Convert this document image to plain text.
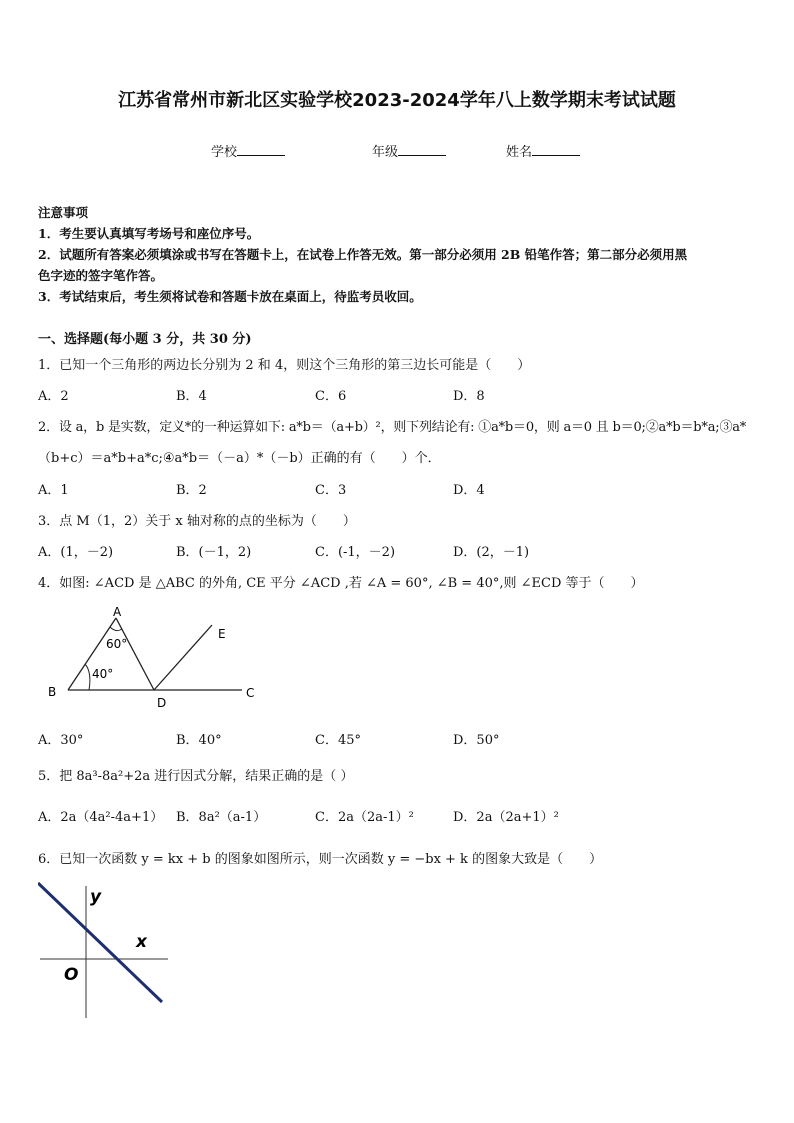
江苏省常州市新北区实验学校2023-2024学年八上数学期末考试试题
学校	年级	姓名
注意事项
1．考生要认真填写考场号和座位序号。
2．试题所有答案必须填涂或书写在答题卡上，在试卷上作答无效。第一部分必须用 2B 铅笔作答；第二部分必须用黑
色字迹的签字笔作答。
3．考试结束后，考生须将试卷和答题卡放在桌面上，待监考员收回。
一、选择题(每小题 3 分，共 30 分)
1．已知一个三角形的两边长分别为 2 和 4，则这个三角形的第三边长可能是（　　）
A．2	B．4	C．6	D．8
2．设 a，b 是实数，定义*的一种运算如下: a*b＝（a+b）²，则下列结论有: ①a*b＝0，则 a＝0 且 b＝0;②a*b＝b*a;③a*
（b+c）＝a*b+a*c;④a*b＝（－a）*（－b）正确的有（　　）个．
A．1	B．2	C．3	D．4
3．点 M（1，2）关于 x 轴对称的点的坐标为（　　）
A．(1，－2)	B．(－1，2)	C．(-1，－2)	D．(2，－1)
4．如图: ∠ACD 是 △ABC 的外角, CE 平分 ∠ACD ,若 ∠A = 60°, ∠B = 40°,则 ∠ECD 等于（　　）
A
B	C
D
E
60°
40°
A．30°	B．40°	C．45°	D．50°
5．把 8a³-8a²+2a 进行因式分解，结果正确的是（ ）
A．2a（4a²-4a+1） B．8a²（a-1）	C．2a（2a-1）²	D．2a（2a+1）²
6．已知一次函数 y = kx + b 的图象如图所示，则一次函数 y = −bx + k 的图象大致是（　　）
y
x
O
